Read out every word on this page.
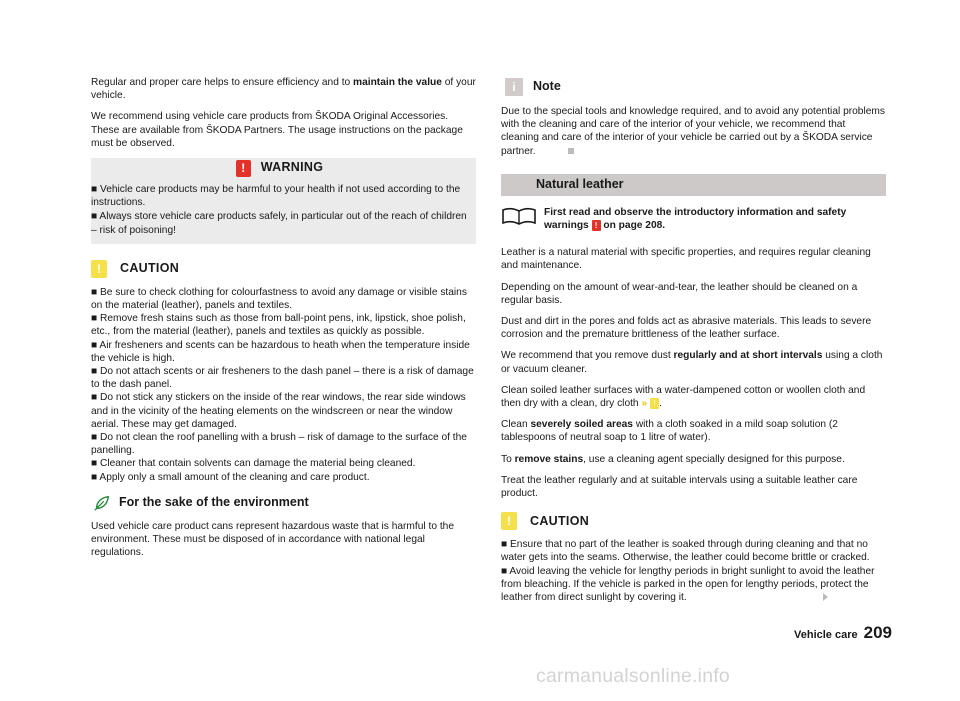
Regular and proper care helps to ensure efficiency and to maintain the value of your vehicle.

We recommend using vehicle care products from ŠKODA Original Accessories. These are available from ŠKODA Partners. The usage instructions on the package must be observed.

!	WARNING
■ Vehicle care products may be harmful to your health if not used according to the instructions.
■ Always store vehicle care products safely, in particular out of the reach of children – risk of poisoning!
!	CAUTION
■ Be sure to check clothing for colourfastness to avoid any damage or visible stains on the material (leather), panels and textiles.
■ Remove fresh stains such as those from ball-point pens, ink, lipstick, shoe polish, etc., from the material (leather), panels and textiles as quickly as possible.
■ Air fresheners and scents can be hazardous to heath when the temperature inside the vehicle is high.
■ Do not attach scents or air fresheners to the dash panel – there is a risk of damage to the dash panel.
■ Do not stick any stickers on the inside of the rear windows, the rear side windows and in the vicinity of the heating elements on the windscreen or near the window aerial. These may get damaged.
■ Do not clean the roof panelling with a brush – risk of damage to the surface of the panelling.
■ Cleaner that contain solvents can damage the material being cleaned.
■ Apply only a small amount of the cleaning and care product.
For the sake of the environment

Used vehicle care product cans represent hazardous waste that is harmful to the environment. These must be disposed of in accordance with national legal regulations.

i	Note

Due to the special tools and knowledge required, and to avoid any potential problems with the cleaning and care of the interior of your vehicle, we recommend that cleaning and care of the interior of your vehicle be carried out by a ŠKODA service partner.

Natural leather
First read and observe the introductory information and safety warnings ! on page 208.

Leather is a natural material with specific properties, and requires regular cleaning and maintenance.

Depending on the amount of wear-and-tear, the leather should be cleaned on a regular basis.

Dust and dirt in the pores and folds act as abrasive materials. This leads to severe corrosion and the premature brittleness of the leather surface.

We recommend that you remove dust regularly and at short intervals using a cloth or vacuum cleaner.

Clean soiled leather surfaces with a water-dampened cotton or woollen cloth and then dry with a clean, dry cloth » ! .

Clean severely soiled areas with a cloth soaked in a mild soap solution (2 tablespoons of neutral soap to 1 litre of water).

To remove stains, use a cleaning agent specially designed for this purpose.

Treat the leather regularly and at suitable intervals using a suitable leather care product.

!	CAUTION
■ Ensure that no part of the leather is soaked through during cleaning and that no water gets into the seams. Otherwise, the leather could become brittle or cracked.
■ Avoid leaving the vehicle for lengthy periods in bright sunlight to avoid the leather from bleaching. If the vehicle is parked in the open for lengthy periods, protect the leather from direct sunlight by covering it.
Vehicle care 209
carmanualsonline.info
